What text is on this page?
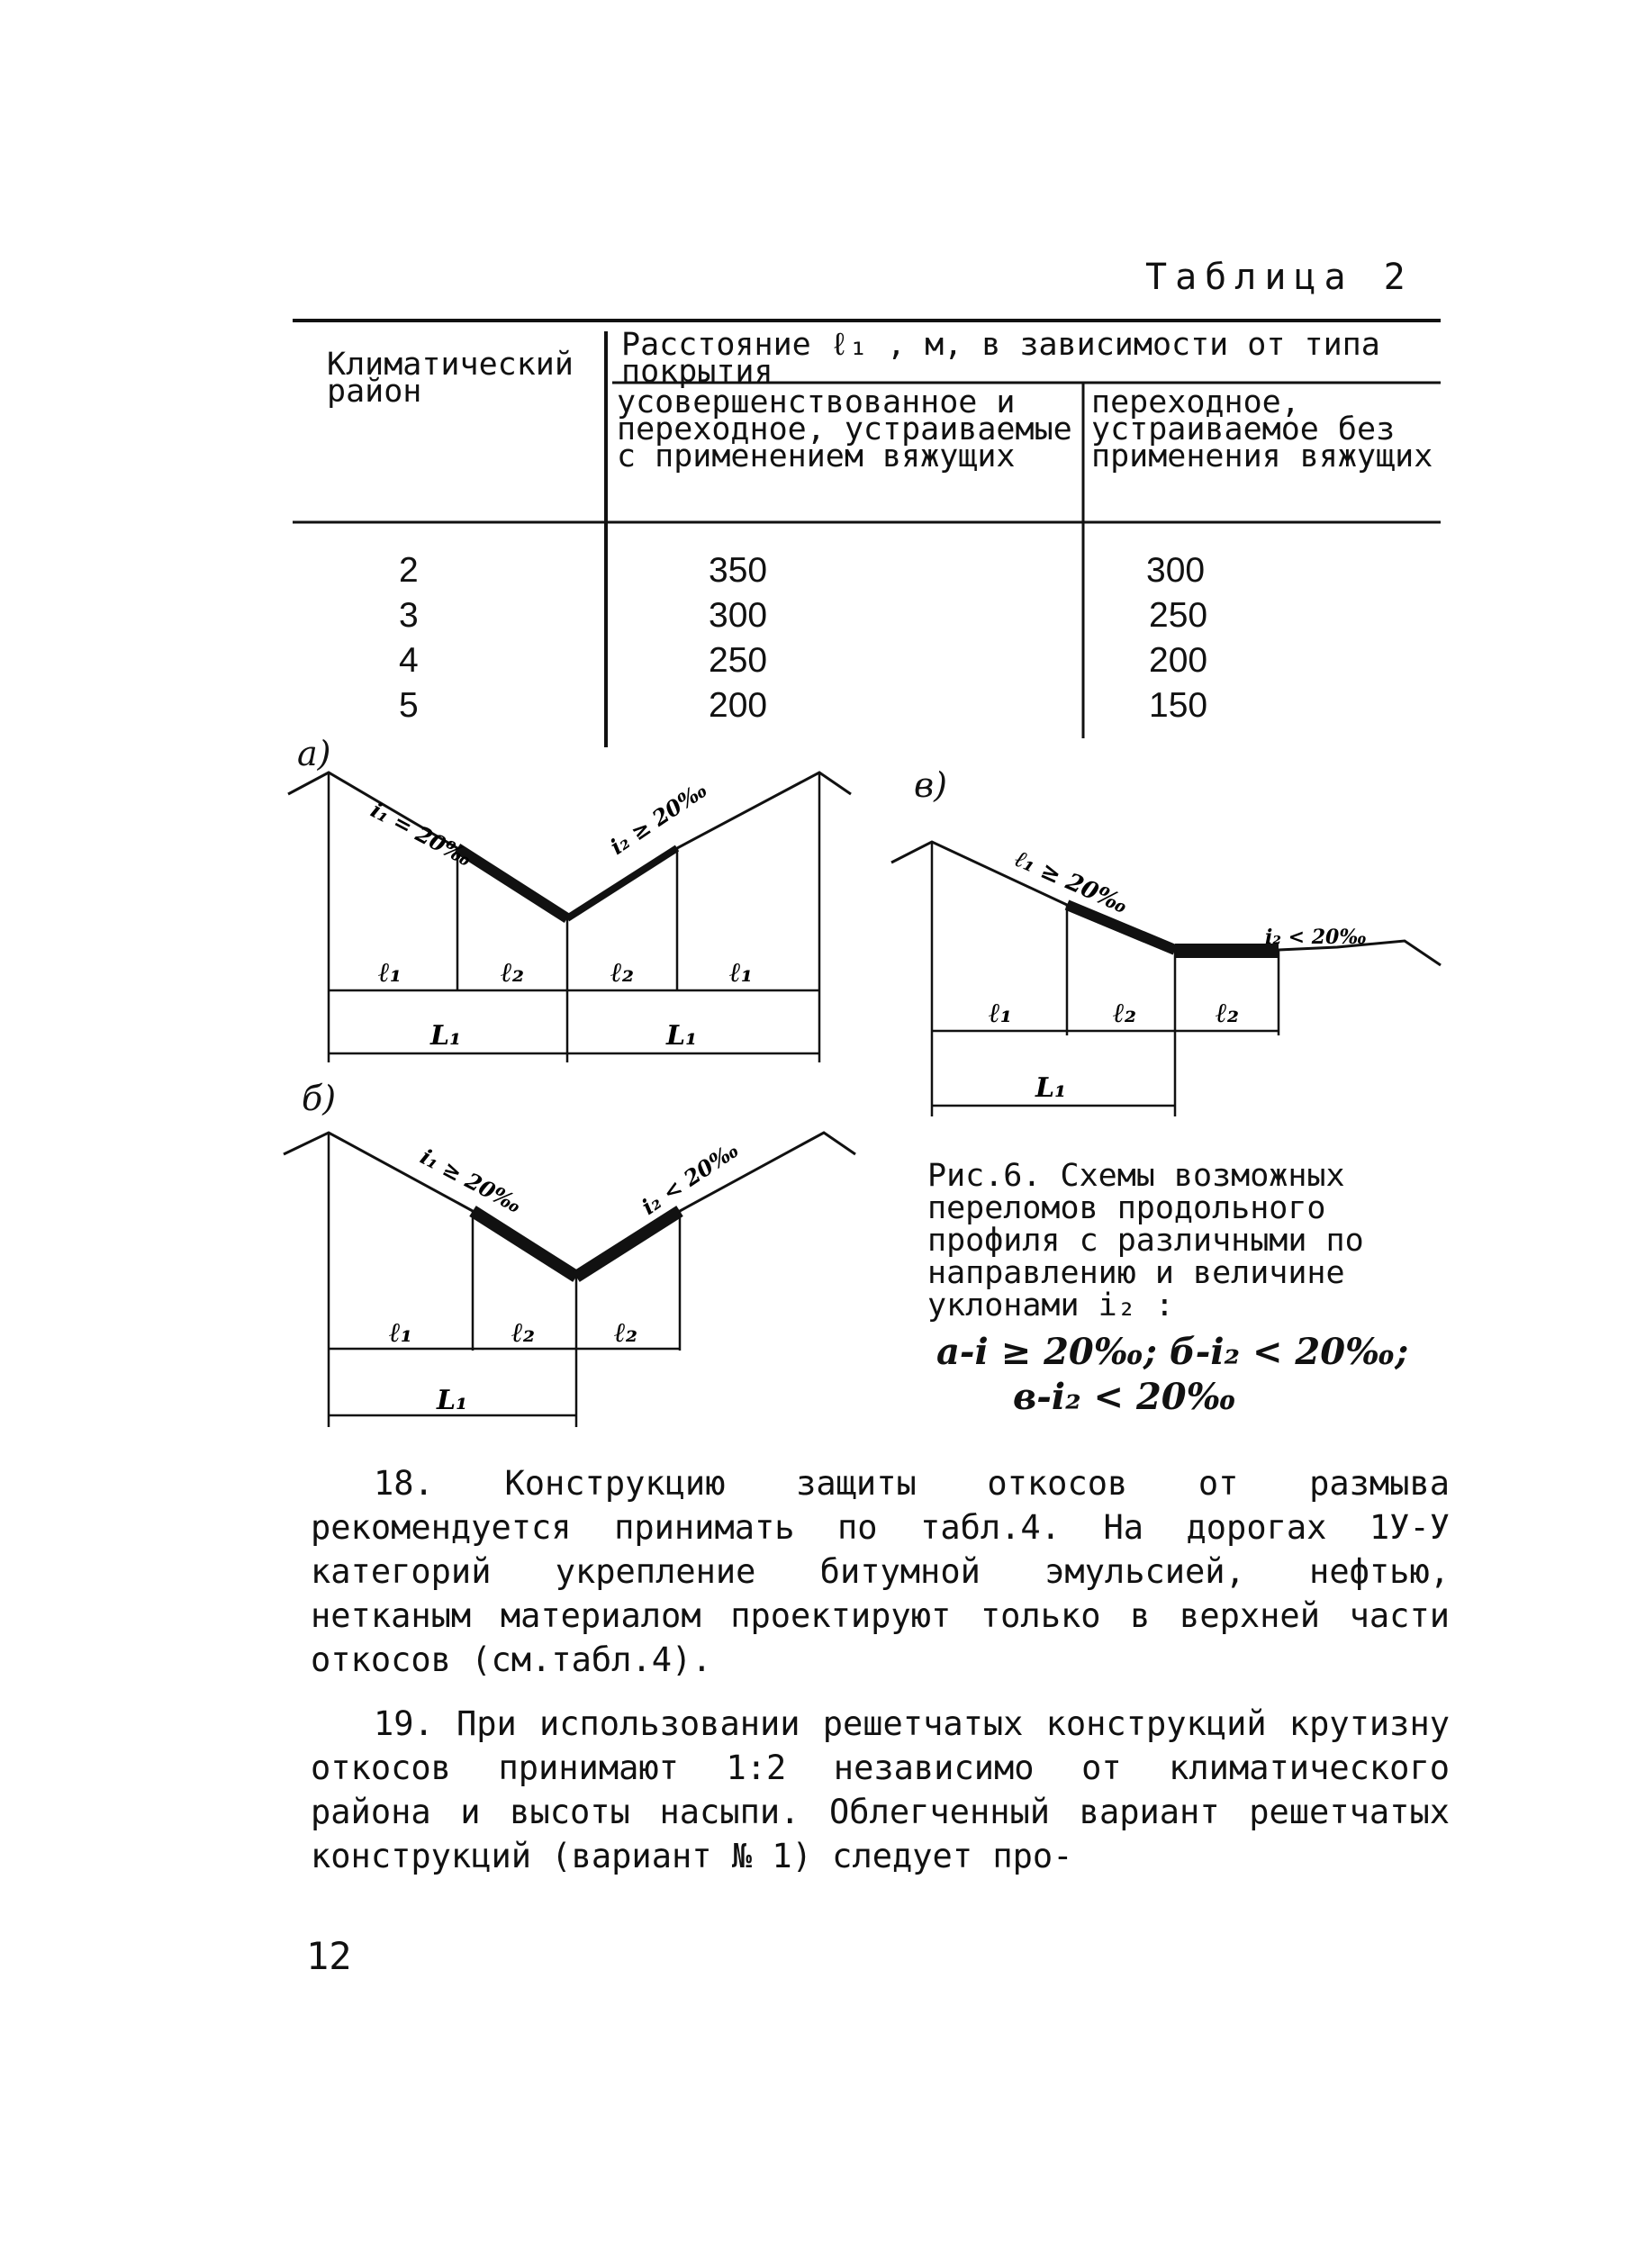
Таблица 2
Климатический район
Расстояние ℓ₁ , м, в зависимости от типа покрытия
усовершенствованное и переходное, устраиваемые с применением вяжущих
переходное, устраиваемое без применения вяжущих
2	350	300
3	300	250
4	250	200
5	200	150
а)
i₁ = 20‰	i₂ ≥ 20‰
ℓ₁	ℓ₂	ℓ₂	ℓ₁
L₁	L₁
б)
i₁ ≥ 20‰	i₂ < 20‰
ℓ₁	ℓ₂	ℓ₂
L₁
в)
ℓ₁ ≥ 20‰
i₂ < 20‰
ℓ₁	ℓ₂	ℓ₂
L₁
Рис.6. Схемы возможных переломов продольного профиля с различными по направлению и величине уклонами i₂ :
а-i ≥ 20‰; б-i₂ < 20‰;
в-i₂ < 20‰
18. Конструкцию защиты откосов от размыва рекомендуется принимать по табл.4. На дорогах 1У-У категорий укрепление битумной эмульсией, нефтью, нетканым материалом проектируют только в верхней части откосов (см.табл.4).
19. При использовании решетчатых конструкций крутизну откосов принимают 1:2 независимо от климатического района и высоты насыпи. Облегченный вариант решетчатых конструкций (вариант № 1) следует про-
12
